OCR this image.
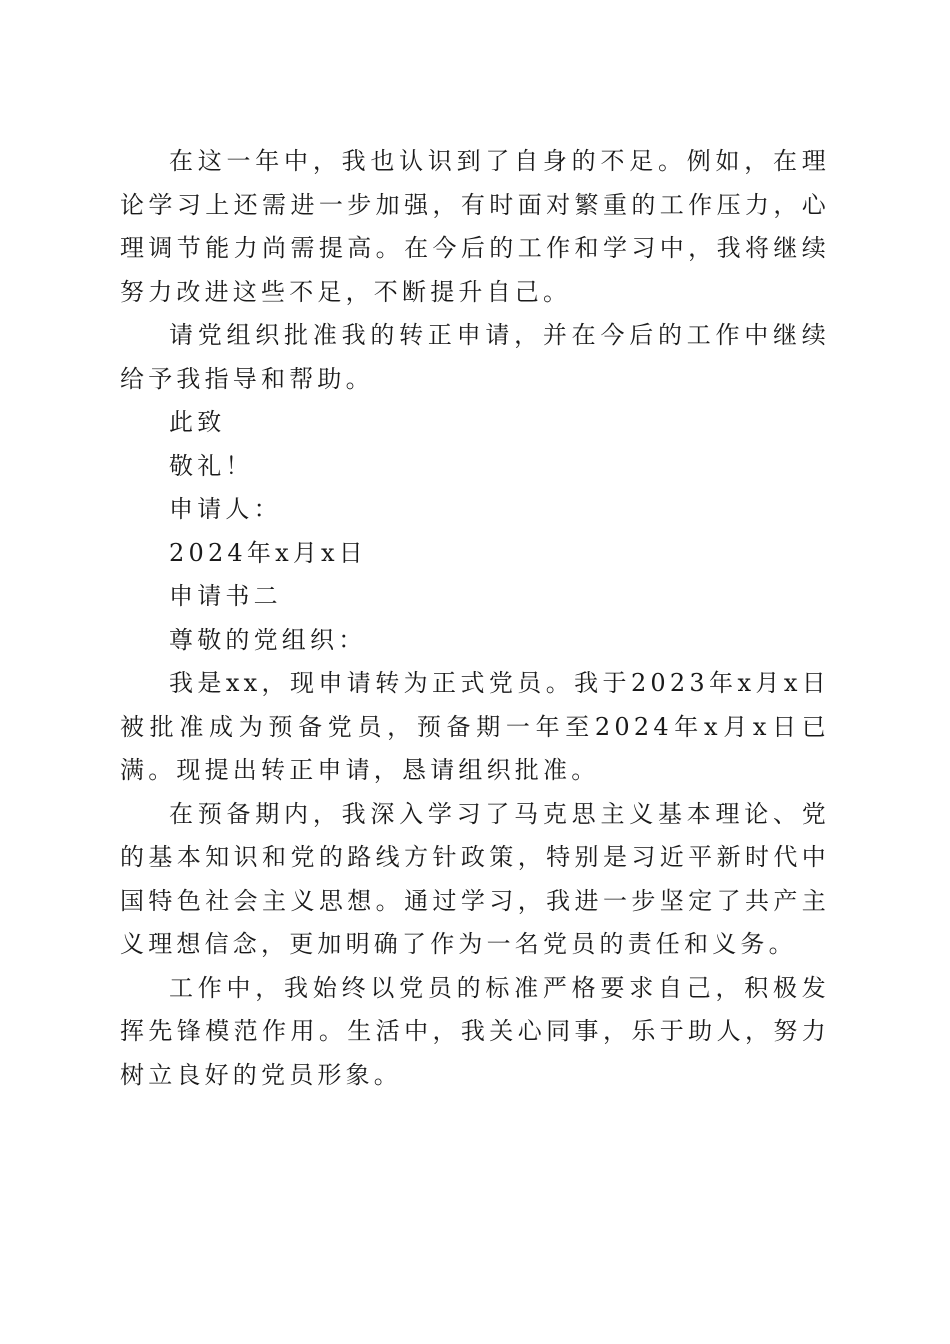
在这一年中，我也认识到了自身的不足。例如，在理论学习上还需进一步加强，有时面对繁重的工作压力，心理调节能力尚需提高。在今后的工作和学习中，我将继续努力改进这些不足，不断提升自己。

请党组织批准我的转正申请，并在今后的工作中继续给予我指导和帮助。

此致

敬礼！

申请人：

2024年x月x日

申请书二

尊敬的党组织：

我是xx，现申请转为正式党员。我于2023年x月x日被批准成为预备党员，预备期一年至2024年x月x日已满。现提出转正申请，恳请组织批准。

在预备期内，我深入学习了马克思主义基本理论、党的基本知识和党的路线方针政策，特别是习近平新时代中国特色社会主义思想。通过学习，我进一步坚定了共产主义理想信念，更加明确了作为一名党员的责任和义务。

工作中，我始终以党员的标准严格要求自己，积极发挥先锋模范作用。生活中，我关心同事，乐于助人，努力树立良好的党员形象。
